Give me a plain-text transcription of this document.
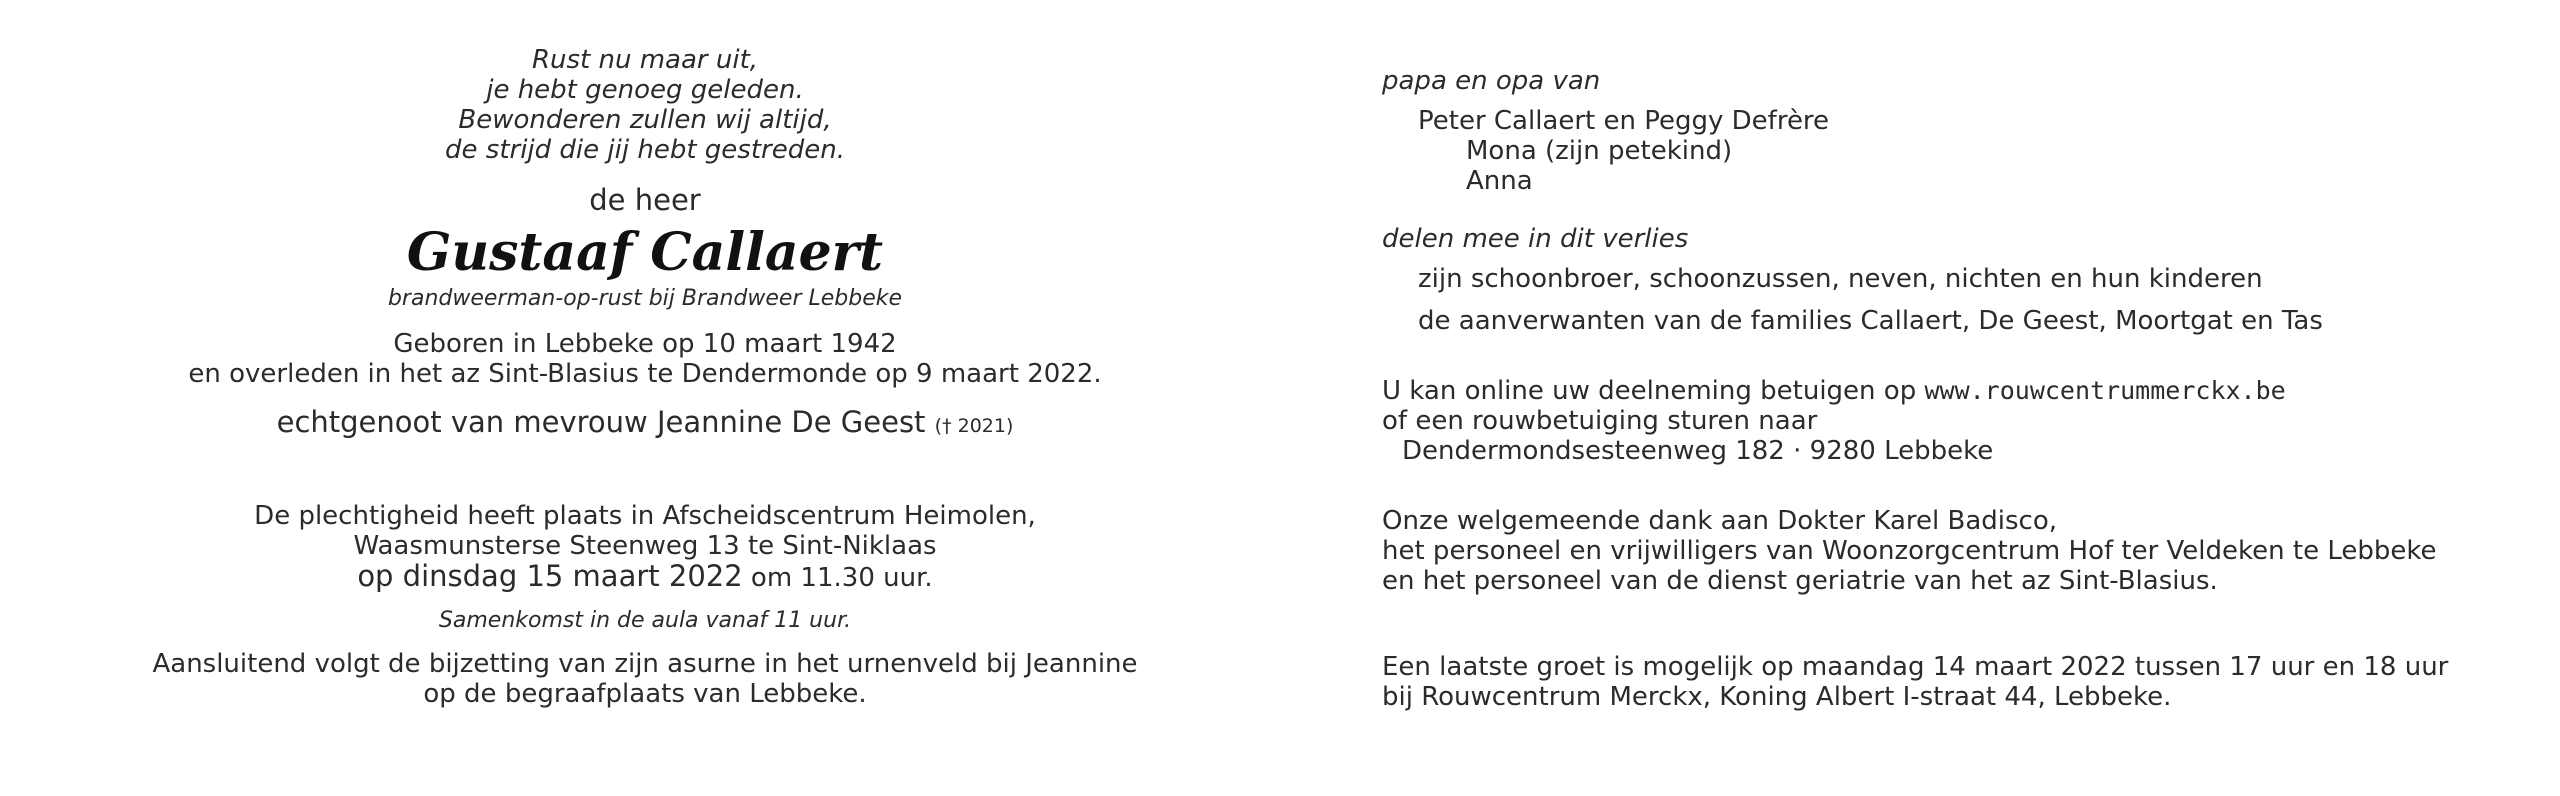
Rust nu maar uit,
je hebt genoeg geleden.
Bewonderen zullen wij altijd,
de strijd die jij hebt gestreden.
de heer
Gustaaf Callaert
brandweerman-op-rust bij Brandweer Lebbeke
Geboren in Lebbeke op 10 maart 1942
en overleden in het az Sint-Blasius te Dendermonde op 9 maart 2022.
echtgenoot van mevrouw Jeannine De Geest († 2021)
De plechtigheid heeft plaats in Afscheidscentrum Heimolen,
Waasmunsterse Steenweg 13 te Sint-Niklaas
op dinsdag 15 maart 2022 om 11.30 uur.
Samenkomst in de aula vanaf 11 uur.
Aansluitend volgt de bijzetting van zijn asurne in het urnenveld bij Jeannine
op de begraafplaats van Lebbeke.
papa en opa van
Peter Callaert en Peggy Defrère
Mona (zijn petekind)
Anna
delen mee in dit verlies
zijn schoonbroer, schoonzussen, neven, nichten en hun kinderen
de aanverwanten van de families Callaert, De Geest, Moortgat en Tas
U kan online uw deelneming betuigen op www.rouwcentrummerckx.be
of een rouwbetuiging sturen naar
Dendermondsesteenweg 182 · 9280 Lebbeke
Onze welgemeende dank aan Dokter Karel Badisco,
het personeel en vrijwilligers van Woonzorgcentrum Hof ter Veldeken te Lebbeke
en het personeel van de dienst geriatrie van het az Sint-Blasius.
Een laatste groet is mogelijk op maandag 14 maart 2022 tussen 17 uur en 18 uur
bij Rouwcentrum Merckx, Koning Albert I-straat 44, Lebbeke.
